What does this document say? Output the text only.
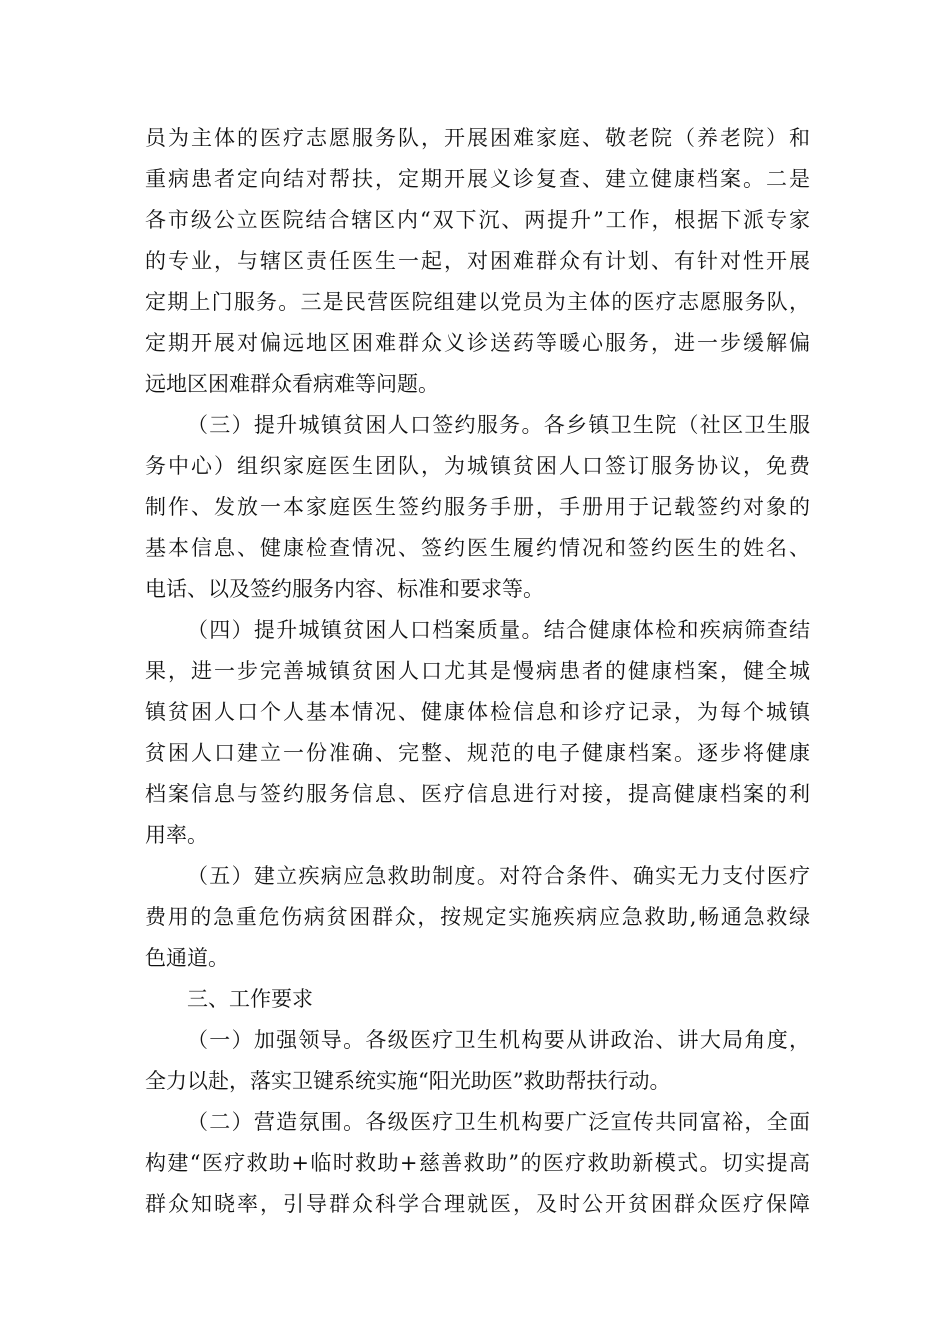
员为主体的医疗志愿服务队，开展困难家庭、敬老院（养老院）和
重病患者定向结对帮扶，定期开展义诊复查、建立健康档案。二是
各市级公立医院结合辖区内“双下沉、两提升”工作，根据下派专家
的专业，与辖区责任医生一起，对困难群众有计划、有针对性开展
定期上门服务。三是民营医院组建以党员为主体的医疗志愿服务队，
定期开展对偏远地区困难群众义诊送药等暖心服务，进一步缓解偏
远地区困难群众看病难等问题。
（三）提升城镇贫困人口签约服务。各乡镇卫生院（社区卫生服
务中心）组织家庭医生团队，为城镇贫困人口签订服务协议，免费
制作、发放一本家庭医生签约服务手册，手册用于记载签约对象的
基本信息、健康检查情况、签约医生履约情况和签约医生的姓名、
电话、以及签约服务内容、标准和要求等。
（四）提升城镇贫困人口档案质量。结合健康体检和疾病筛查结
果，进一步完善城镇贫困人口尤其是慢病患者的健康档案，健全城
镇贫困人口个人基本情况、健康体检信息和诊疗记录，为每个城镇
贫困人口建立一份准确、完整、规范的电子健康档案。逐步将健康
档案信息与签约服务信息、医疗信息进行对接，提高健康档案的利
用率。
（五）建立疾病应急救助制度。对符合条件、确实无力支付医疗
费用的急重危伤病贫困群众，按规定实施疾病应急救助,畅通急救绿
色通道。
三、工作要求
（一）加强领导。各级医疗卫生机构要从讲政治、讲大局角度，
全力以赴，落实卫键系统实施“阳光助医”救助帮扶行动。
（二）营造氛围。各级医疗卫生机构要广泛宣传共同富裕，全面
构建“医疗救助+临时救助+慈善救助”的医疗救助新模式。切实提高
群众知晓率，引导群众科学合理就医，及时公开贫困群众医疗保障
